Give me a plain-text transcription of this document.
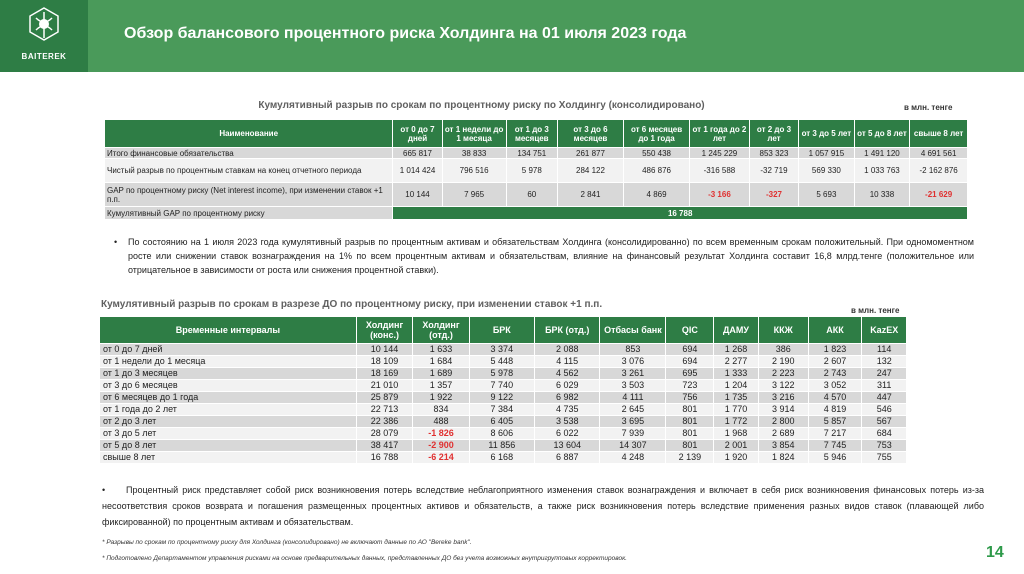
BAITEREK
Обзор балансового процентного риска Холдинга на 01 июля 2023 года
Кумулятивный разрыв по срокам по процентному риску по Холдингу (консолидировано)	в млн. тенге
Наименование	от 0 до 7 дней	от 1 недели до 1 месяца	от 1 до 3 месяцев	от 3 до 6 месяцев	от 6 месяцев до 1 года	от 1 года до 2 лет	от 2 до 3 лет	от 3 до 5 лет	от 5 до 8 лет	свыше 8 лет
Итого финансовые обязательства	665 817	38 833	134 751	261 877	550 438	1 245 229	853 323	1 057 915	1 491 120	4 691 561
Чистый разрыв по процентным ставкам на конец отчетного периода	1 014 424	796 516	5 978	284 122	486 876	-316 588	-32 719	569 330	1 033 763	-2 162 876
GAP по процентному риску (Net interest income), при изменении ставок +1 п.п.	10 144	7 965	60	2 841	4 869	-3 166	-327	5 693	10 338	-21 629
Кумулятивный GAP по процентному риску	16 788									
•	По состоянию на 1 июля 2023 года кумулятивный разрыв по процентным активам и обязательствам Холдинга (консолидированно) по всем временным срокам положительный. При одномоментном росте или снижении ставок вознаграждения на 1% по всем процентным активам и обязательствам, влияние на финансовый результат Холдинга составит 16,8 млрд.тенге (положительное или отрицательное в зависимости от роста или снижения процентной ставки).
Кумулятивный разрыв по срокам в разрезе ДО по процентному риску, при изменении ставок +1 п.п.
в млн. тенге
Временные интервалы	Холдинг (конс.)	Холдинг (отд.)	БРК	БРК (отд.)	Отбасы банк	QIC	ДАМУ	ККЖ	АКК	KazEX
от 0 до 7 дней	10 144	1 633	3 374	2 088	853	694	1 268	386	1 823	114
от 1 недели до 1 месяца	18 109	1 684	5 448	4 115	3 076	694	2 277	2 190	2 607	132
от 1 до 3 месяцев	18 169	1 689	5 978	4 562	3 261	695	1 333	2 223	2 743	247
от 3 до 6 месяцев	21 010	1 357	7 740	6 029	3 503	723	1 204	3 122	3 052	311
от 6 месяцев до 1 года	25 879	1 922	9 122	6 982	4 111	756	1 735	3 216	4 570	447
от 1 года до 2 лет	22 713	834	7 384	4 735	2 645	801	1 770	3 914	4 819	546
от 2 до 3 лет	22 386	488	6 405	3 538	3 695	801	1 772	2 800	5 857	567
от 3 до 5 лет	28 079	-1 826	8 606	6 022	7 939	801	1 968	2 689	7 217	684
от 5 до 8 лет	38 417	-2 900	11 856	13 604	14 307	801	2 001	3 854	7 745	753
свыше 8 лет	16 788	-6 214	6 168	6 887	4 248	2 139	1 920	1 824	5 946	755
•	Процентный риск представляет собой риск возникновения потерь вследствие неблагоприятного изменения ставок вознаграждения и включает в себя риск возникновения финансовых потерь из-за несоответствия сроков возврата и погашения размещенных процентных активов и обязательств, а также риск возникновения потерь вследствие применения разных видов ставок (плавающей либо фиксированной) по процентным активам и обязательствам.
* Разрывы по срокам по процентному риску для Холдинга (консолидировано) не включают данные по АО "Bereke bank".
* Подготовлено Департаментом управления рисками на основе предварительных данных, представленных ДО без учета возможных внутригрупповых корректировок.	14
